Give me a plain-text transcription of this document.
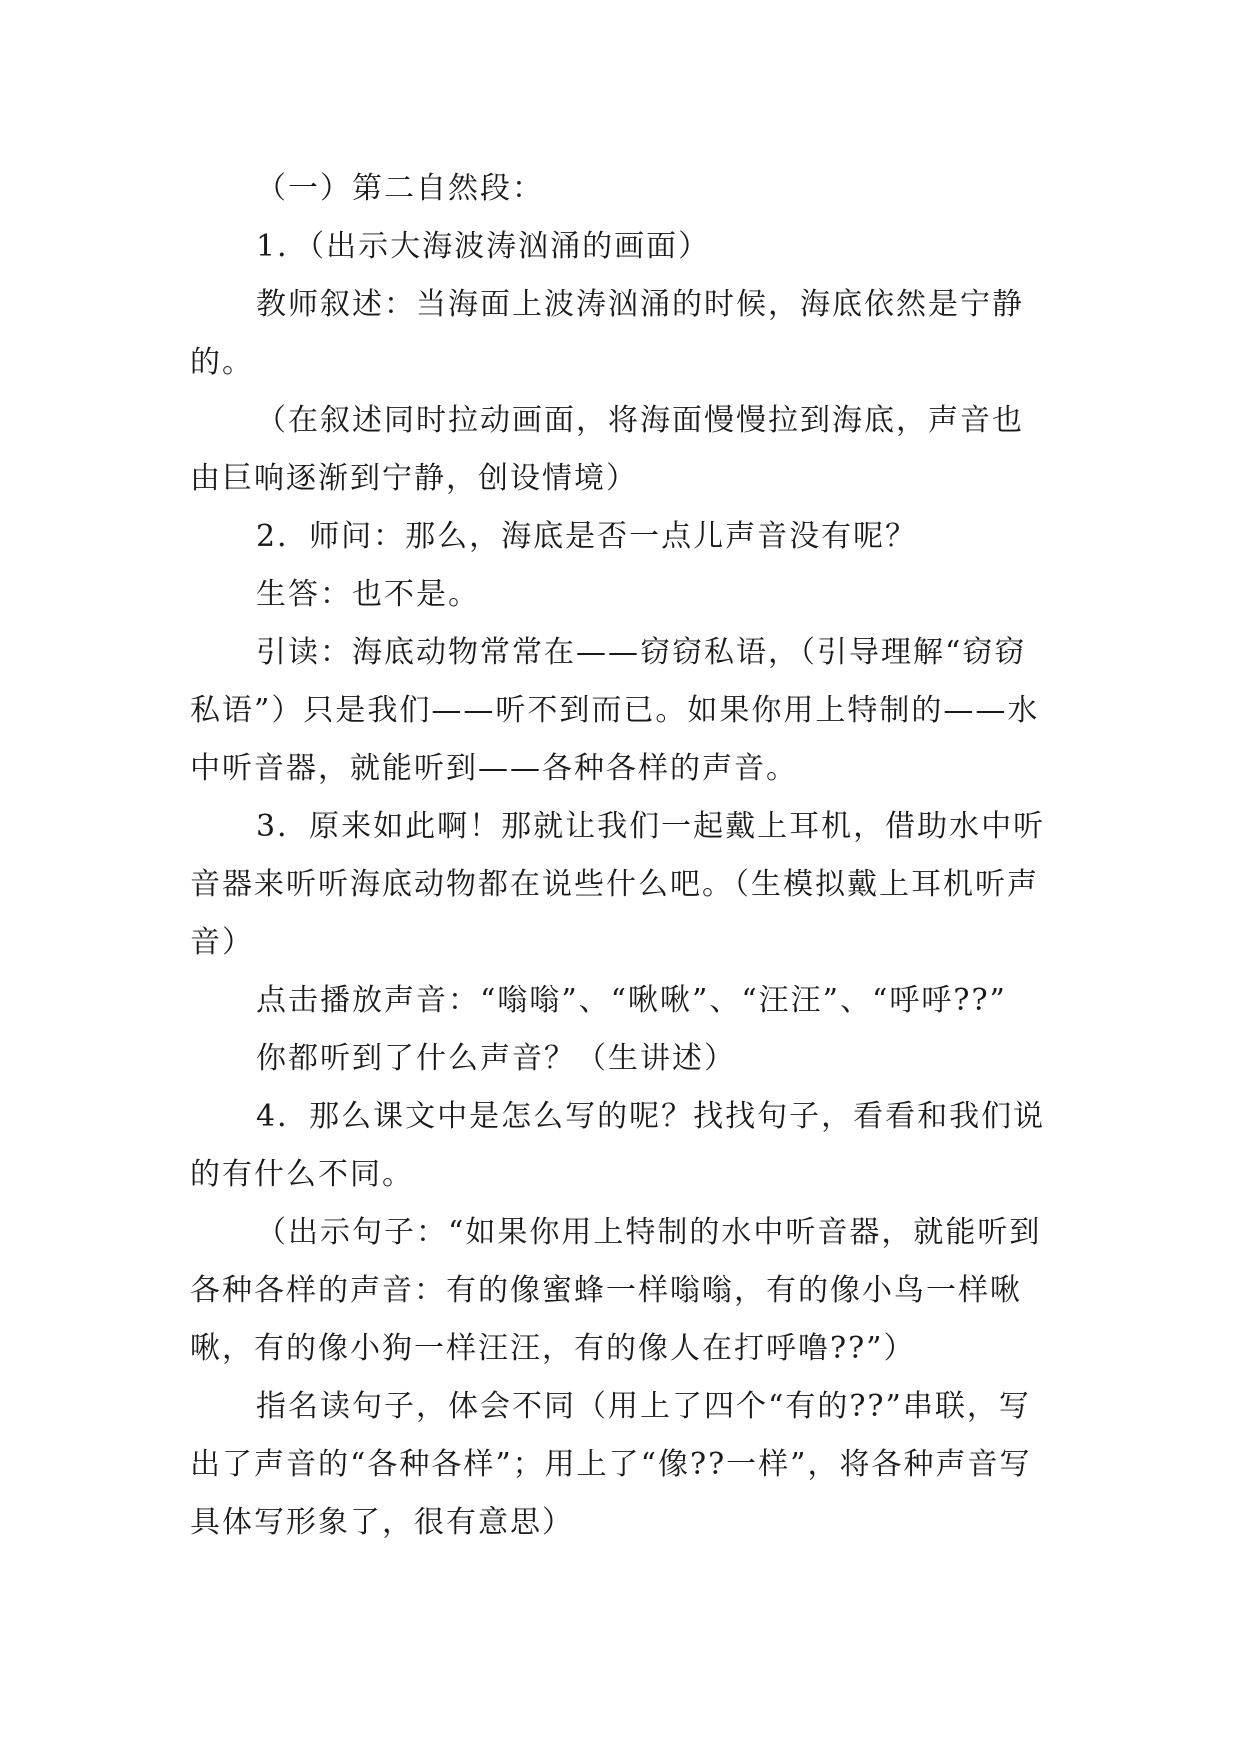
（一）第二自然段：

1．（出示大海波涛汹涌的画面）

教师叙述：当海面上波涛汹涌的时候，海底依然是宁静的。

（在叙述同时拉动画面，将海面慢慢拉到海底，声音也由巨响逐渐到宁静，创设情境）

2．师问：那么，海底是否一点儿声音没有呢？

生答：也不是。

引读：海底动物常常在——窃窃私语，（引导理解“窃窃私语”）只是我们——听不到而已。如果你用上特制的——水中听音器，就能听到——各种各样的声音。

3．原来如此啊！那就让我们一起戴上耳机，借助水中听音器来听听海底动物都在说些什么吧。（生模拟戴上耳机听声音）

点击播放声音：“嗡嗡”、“啾啾”、“汪汪”、“呼呼??”

你都听到了什么声音？（生讲述）

4．那么课文中是怎么写的呢？找找句子，看看和我们说的有什么不同。

（出示句子：“如果你用上特制的水中听音器，就能听到各种各样的声音：有的像蜜蜂一样嗡嗡，有的像小鸟一样啾啾，有的像小狗一样汪汪，有的像人在打呼噜??”）

指名读句子，体会不同（用上了四个“有的??”串联，写出了声音的“各种各样”；用上了“像??一样”，将各种声音写具体写形象了，很有意思）
